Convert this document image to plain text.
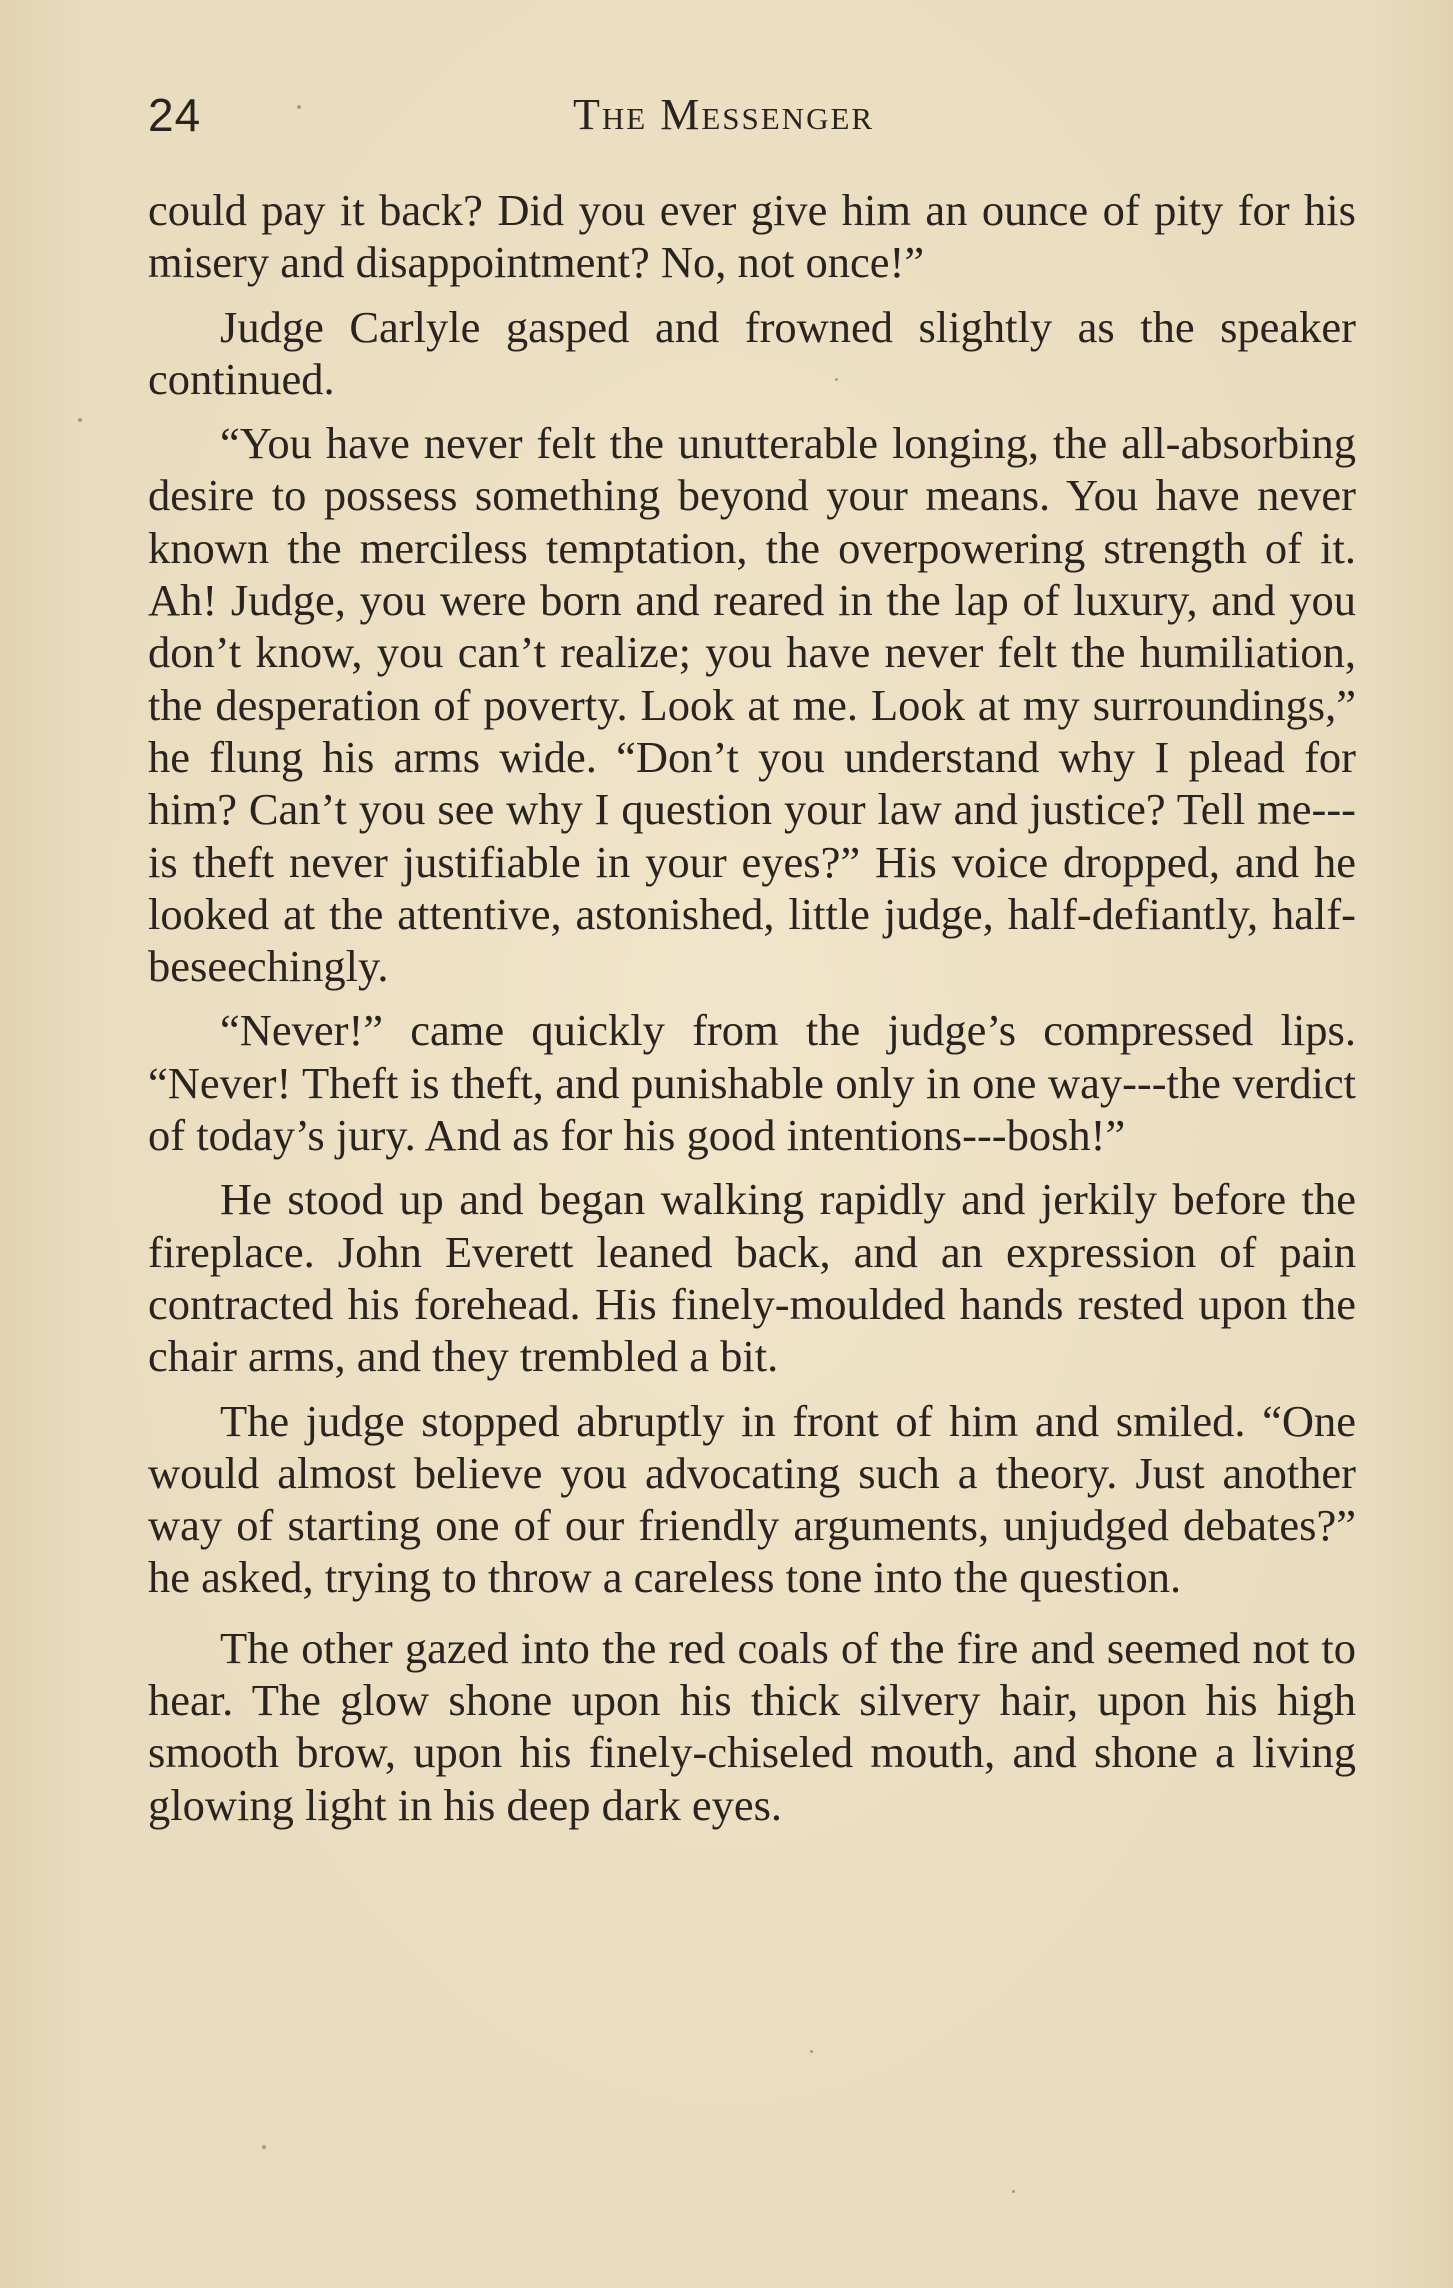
24	The Messenger

could pay it back? Did you ever give him an ounce of pity for his misery and disappointment? No, not once!”

Judge Carlyle gasped and frowned slightly as the speaker continued.

“You have never felt the unutterable longing, the all-absorbing desire to possess something beyond your means. You have never known the merciless temptation, the overpowering strength of it. Ah! Judge, you were born and reared in the lap of luxury, and you don’t know, you can’t realize; you have never felt the humiliation, the desperation of poverty. Look at me. Look at my surroundings,” he flung his arms wide. “Don’t you understand why I plead for him? Can’t you see why I question your law and justice? Tell me---is theft never justifiable in your eyes?” His voice dropped, and he looked at the attentive, astonished, little judge, half-defiantly, half-beseechingly.

“Never!” came quickly from the judge’s compressed lips. “Never! Theft is theft, and punishable only in one way---the verdict of today’s jury. And as for his good intentions---bosh!”

He stood up and began walking rapidly and jerkily before the fireplace. John Everett leaned back, and an expression of pain contracted his forehead. His finely-moulded hands rested upon the chair arms, and they trembled a bit.

The judge stopped abruptly in front of him and smiled. “One would almost believe you advocating such a theory. Just another way of starting one of our friendly arguments, unjudged debates?” he asked, trying to throw a careless tone into the question.

The other gazed into the red coals of the fire and seemed not to hear. The glow shone upon his thick silvery hair, upon his high smooth brow, upon his finely-chiseled mouth, and shone a living glowing light in his deep dark eyes.
